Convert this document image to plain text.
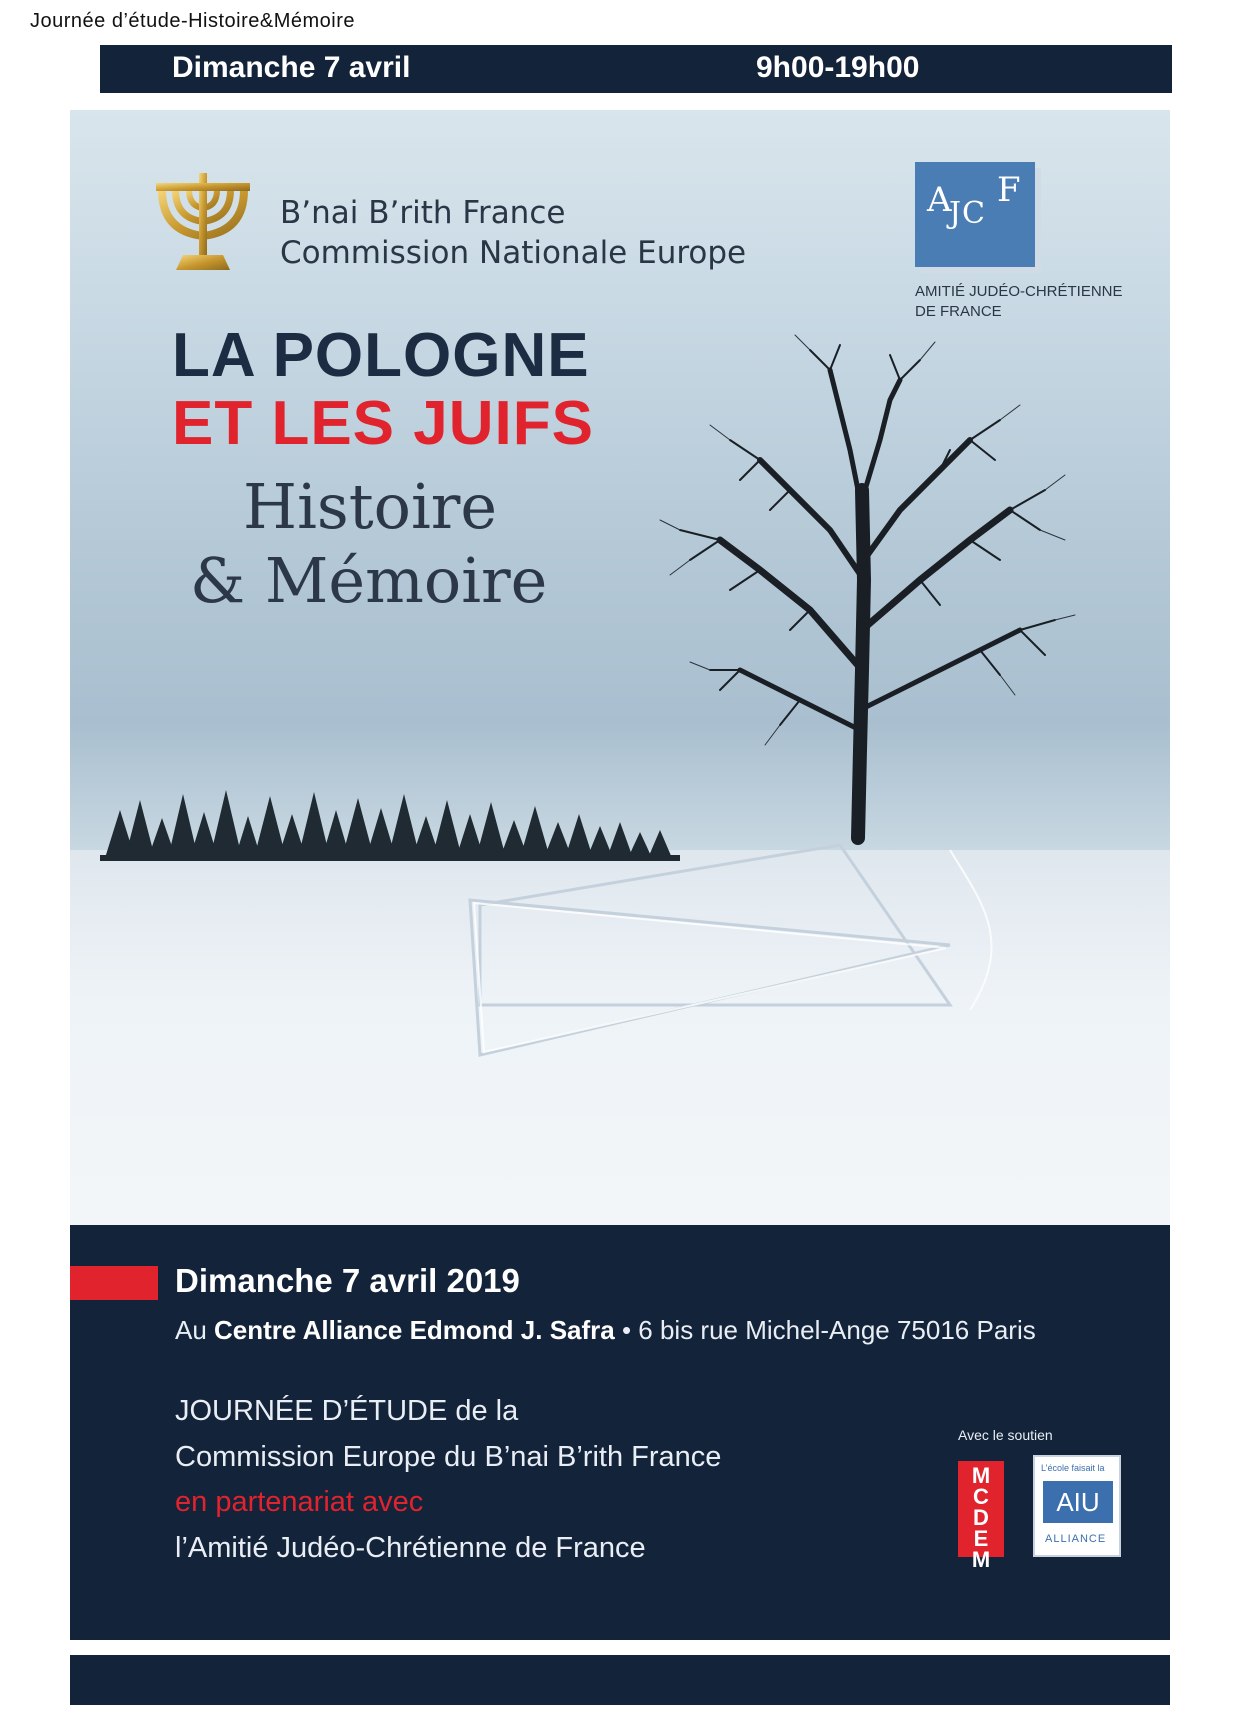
Journée d’étude-Histoire&Mémoire
Dimanche 7 avril	9h00-19h00
B’nai B’rith France
Commission Nationale Europe
A
JC
F
AMITIÉ JUDÉO-CHRÉTIENNE
DE FRANCE
LA POLOGNE
ET LES JUIFS
Histoire
& Mémoire
Dimanche 7 avril 2019
Au Centre Alliance Edmond J. Safra • 6 bis rue Michel-Ange 75016 Paris
JOURNÉE D’ÉTUDE de la
Commission Europe du B’nai B’rith France
en partenariat avec
l’Amitié Judéo-Chrétienne de France
Avec le soutien
M
C
D
E
M
L’école faisait la
AIU
ALLIANCE
